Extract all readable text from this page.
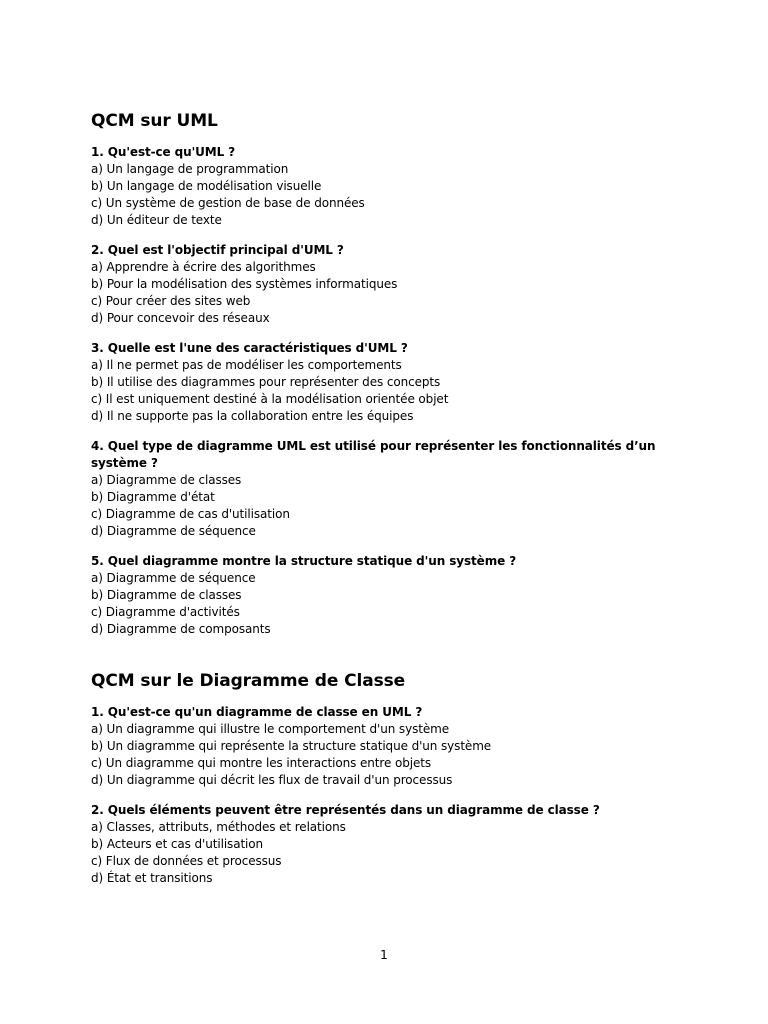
QCM sur UML
1. Qu'est-ce qu'UML ?
a) Un langage de programmation
b) Un langage de modélisation visuelle
c) Un système de gestion de base de données
d) Un éditeur de texte
2. Quel est l'objectif principal d'UML ?
a) Apprendre à écrire des algorithmes
b) Pour la modélisation des systèmes informatiques
c) Pour créer des sites web
d) Pour concevoir des réseaux
3. Quelle est l'une des caractéristiques d'UML ?
a) Il ne permet pas de modéliser les comportements
b) Il utilise des diagrammes pour représenter des concepts
c) Il est uniquement destiné à la modélisation orientée objet
d) Il ne supporte pas la collaboration entre les équipes
4. Quel type de diagramme UML est utilisé pour représenter les fonctionnalités d’un système ?
a) Diagramme de classes
b) Diagramme d'état
c) Diagramme de cas d'utilisation
d) Diagramme de séquence
5. Quel diagramme montre la structure statique d'un système ?
a) Diagramme de séquence
b) Diagramme de classes
c) Diagramme d'activités
d) Diagramme de composants
QCM sur le Diagramme de Classe
1. Qu'est-ce qu'un diagramme de classe en UML ?
a) Un diagramme qui illustre le comportement d'un système
b) Un diagramme qui représente la structure statique d'un système
c) Un diagramme qui montre les interactions entre objets
d) Un diagramme qui décrit les flux de travail d'un processus
2. Quels éléments peuvent être représentés dans un diagramme de classe ?
a) Classes, attributs, méthodes et relations
b) Acteurs et cas d'utilisation
c) Flux de données et processus
d) État et transitions
1
